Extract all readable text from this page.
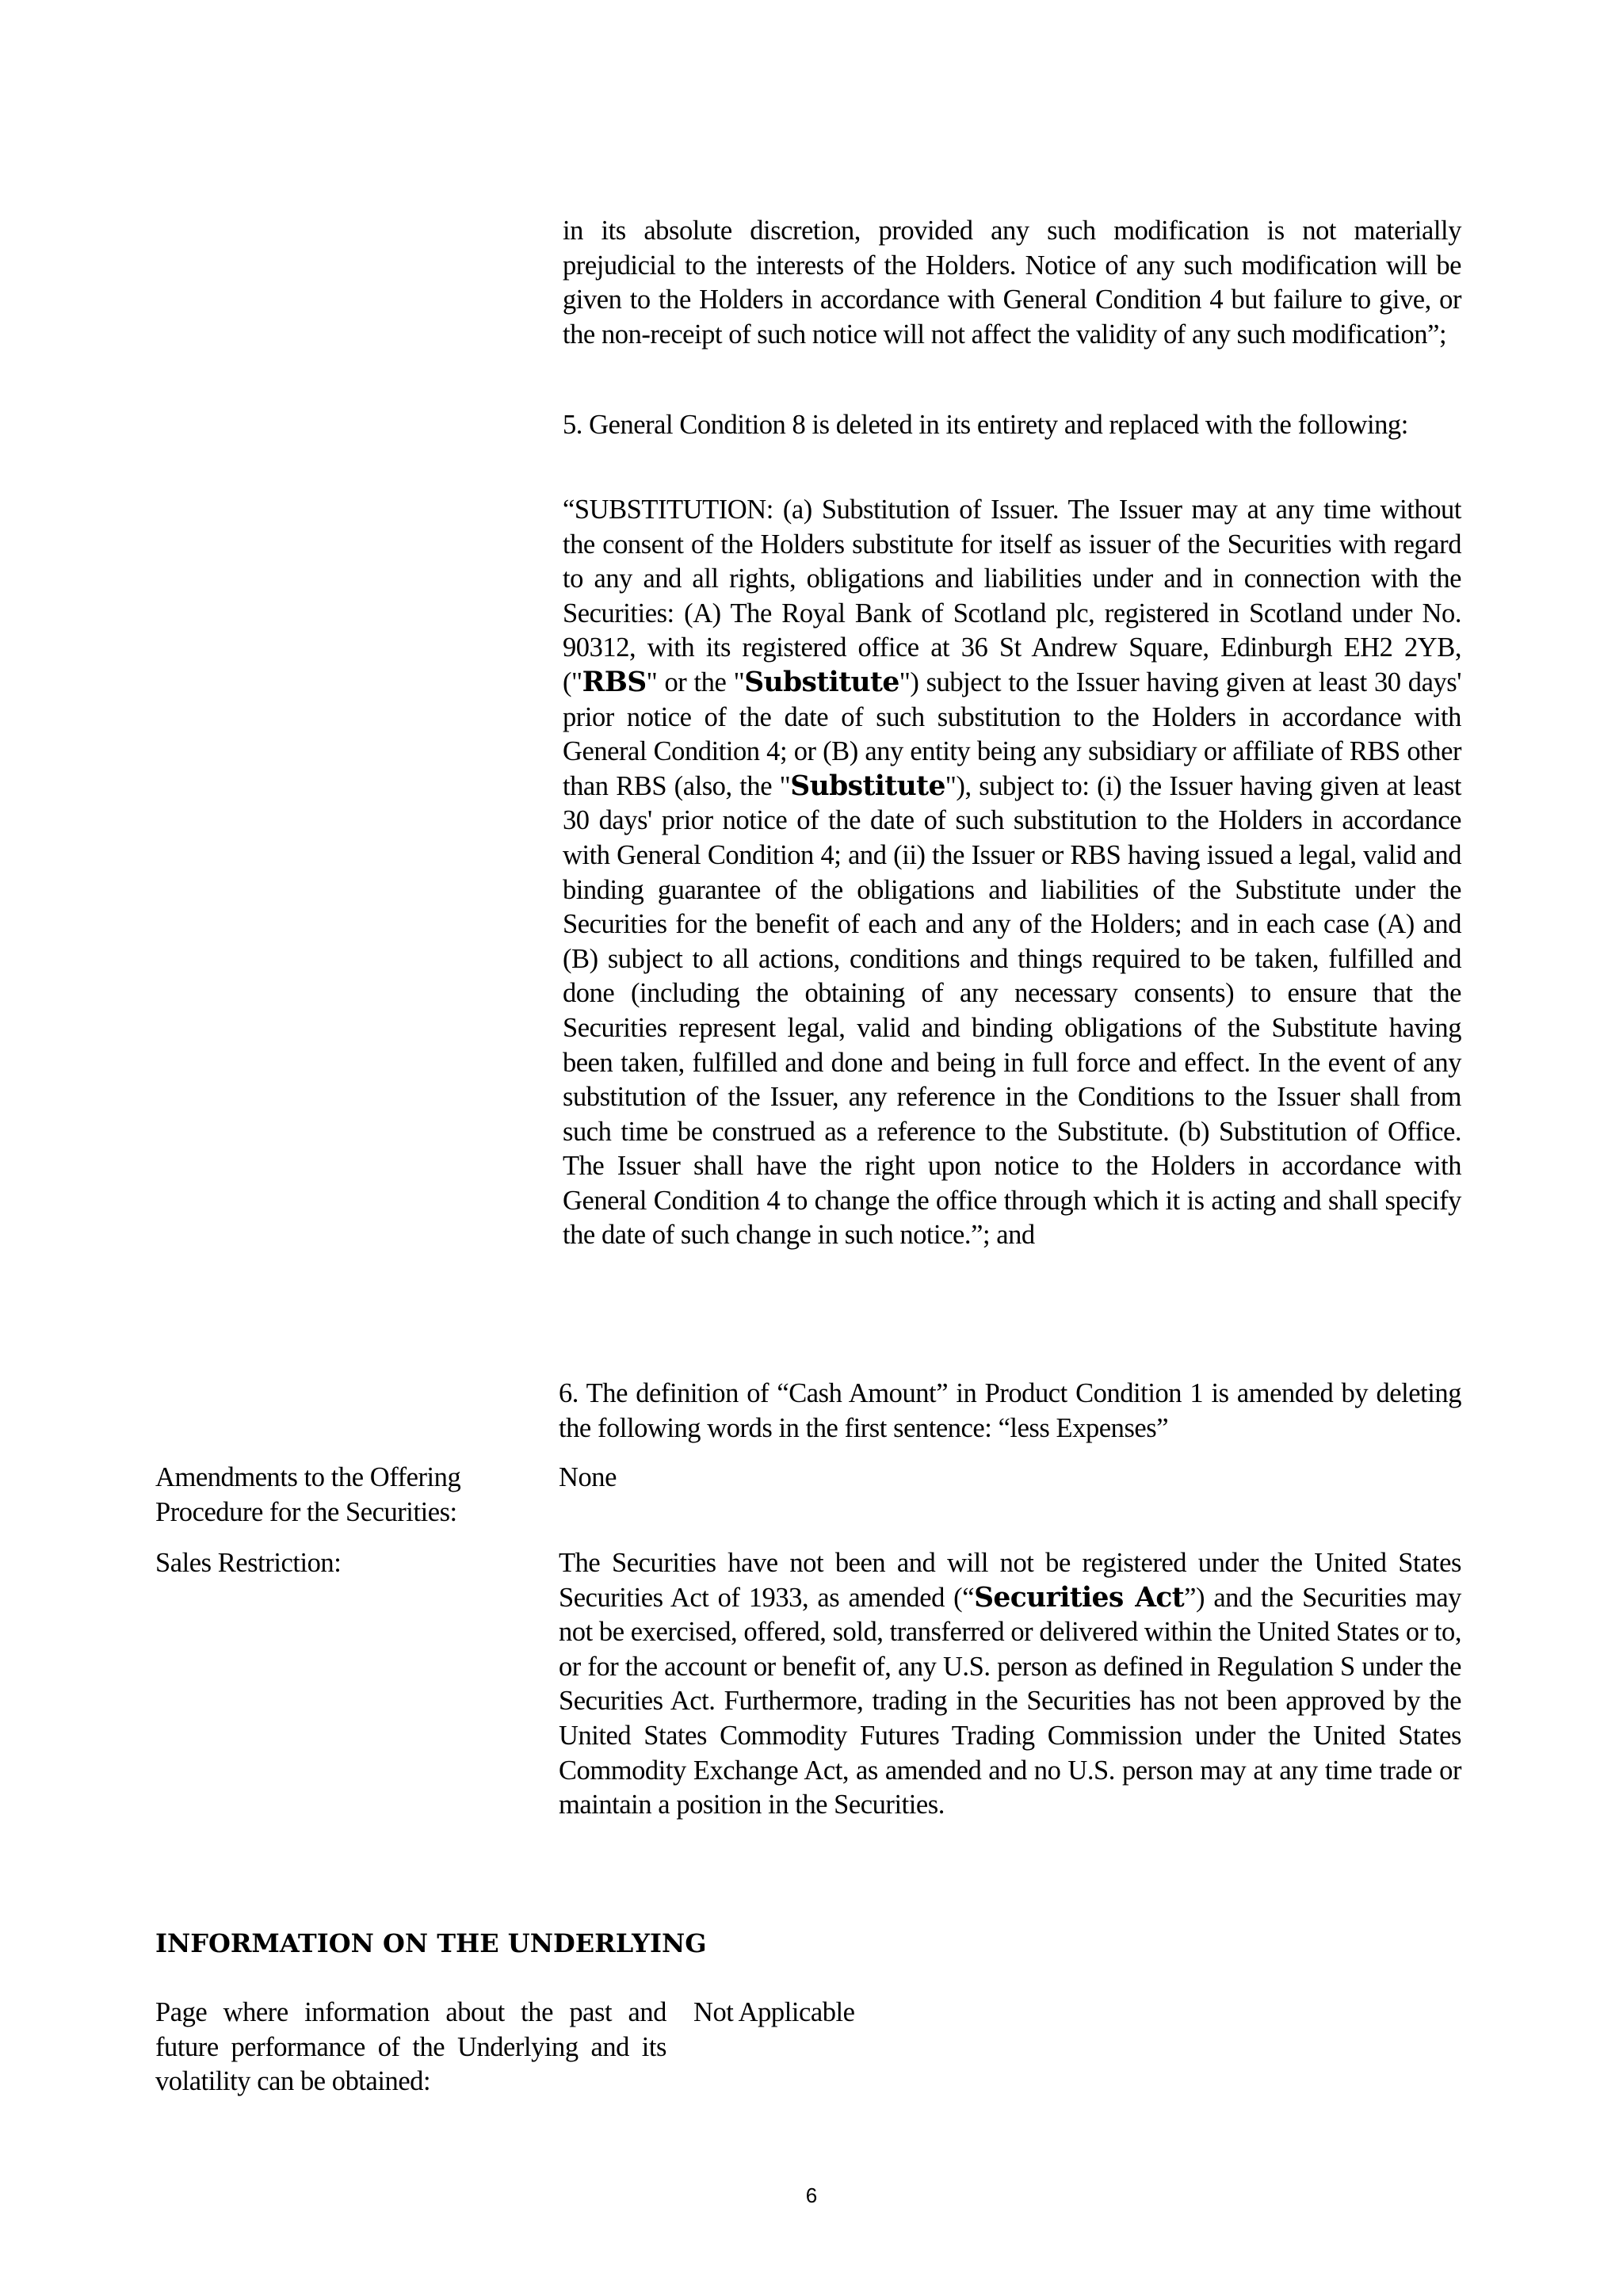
in its absolute discretion, provided any such modification is not materially prejudicial to the interests of the Holders. Notice of any such modification will be given to the Holders in accordance with General Condition 4 but failure to give, or the non-receipt of such notice will not affect the validity of any such modification”;

5. General Condition 8 is deleted in its entirety and replaced with the following:

“SUBSTITUTION: (a) Substitution of Issuer. The Issuer may at any time without the consent of the Holders substitute for itself as issuer of the Securities with regard to any and all rights, obligations and liabilities under and in connection with the Securities: (A) The Royal Bank of Scotland plc, registered in Scotland under No. 90312, with its registered office at 36 St Andrew Square, Edinburgh EH2 2YB, ("RBS" or the "Substitute") subject to the Issuer having given at least 30 days' prior notice of the date of such substitution to the Holders in accordance with General Condition 4; or (B) any entity being any subsidiary or affiliate of RBS other than RBS (also, the "Substitute"), subject to: (i) the Issuer having given at least 30 days' prior notice of the date of such substitution to the Holders in accordance with General Condition 4; and (ii) the Issuer or RBS having issued a legal, valid and binding guarantee of the obligations and liabilities of the Substitute under the Securities for the benefit of each and any of the Holders; and in each case (A) and (B) subject to all actions, conditions and things required to be taken, fulfilled and done (including the obtaining of any necessary consents) to ensure that the Securities represent legal, valid and binding obligations of the Substitute having been taken, fulfilled and done and being in full force and effect. In the event of any substitution of the Issuer, any reference in the Conditions to the Issuer shall from such time be construed as a reference to the Substitute. (b) Substitution of Office. The Issuer shall have the right upon notice to the Holders in accordance with General Condition 4 to change the office through which it is acting and shall specify the date of such change in such notice.”; and

6. The definition of “Cash Amount” in Product Condition 1 is amended by deleting the following words in the first sentence: “less Expenses”

Amendments to the Offering Procedure for the Securities:

None

Sales Restriction:	The Securities have not been and will not be registered under the United States Securities Act of 1933, as amended (“Securities Act”) and the Securities may not be exercised, offered, sold, transferred or delivered within the United States or to, or for the account or benefit of, any U.S. person as defined in Regulation S under the Securities Act. Furthermore, trading in the Securities has not been approved by the United States Commodity Futures Trading Commission under the United States Commodity Exchange Act, as amended and no U.S. person may at any time trade or maintain a position in the Securities.

INFORMATION ON THE UNDERLYING

Page where information about the past and future performance of the Underlying and its volatility can be obtained:

Not Applicable

6
